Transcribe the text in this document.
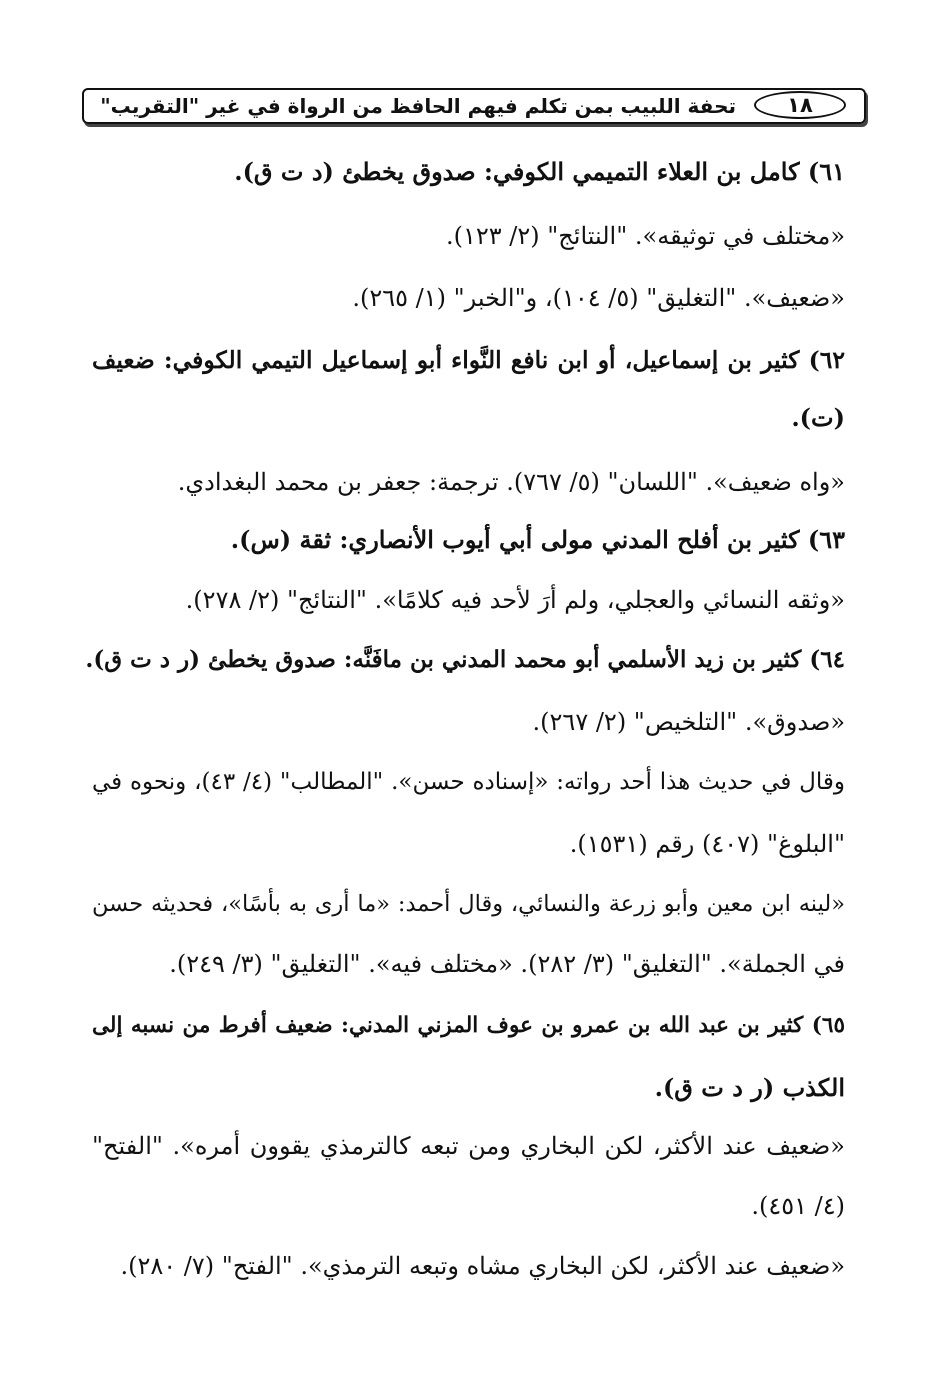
تحفة اللبيب بمن تكلم فيهم الحافظ من الرواة في غير "التقريب"	١٨
٦١) كامل بن العلاء التميمي الكوفي: صدوق يخطئ (د ت ق).
«مختلف في توثيقه». "النتائج" (٢/ ١٢٣).
«ضعيف». "التغليق" (٥/ ١٠٤)، و"الخبر" (١/ ٢٦٥).
٦٢) كثير بن إسماعيل، أو ابن نافع النَّواء أبو إسماعيل التيمي الكوفي: ضعيف
(ت).
«واه ضعيف». "اللسان" (٥/ ٧٦٧). ترجمة: جعفر بن محمد البغدادي.
٦٣) كثير بن أفلح المدني مولى أبي أيوب الأنصاري: ثقة (س).
«وثقه النسائي والعجلي، ولم أرَ لأحد فيه كلامًا». "النتائج" (٢/ ٢٧٨).
٦٤) كثير بن زيد الأسلمي أبو محمد المدني بن مافَنَّه: صدوق يخطئ (ر د ت ق).
«صدوق». "التلخيص" (٢/ ٢٦٧).
وقال في حديث هذا أحد رواته: «إسناده حسن». "المطالب" (٤/ ٤٣)، ونحوه في
"البلوغ" (٤٠٧) رقم (١٥٣١).
«لينه ابن معين وأبو زرعة والنسائي، وقال أحمد: «ما أرى به بأسًا»، فحديثه حسن
في الجملة». "التغليق" (٣/ ٢٨٢). «مختلف فيه». "التغليق" (٣/ ٢٤٩).
٦٥) كثير بن عبد الله بن عمرو بن عوف المزني المدني: ضعيف أفرط من نسبه إلى
الكذب (ر د ت ق).
«ضعيف عند الأكثر، لكن البخاري ومن تبعه كالترمذي يقوون أمره». "الفتح"
(٤/ ٤٥١).
«ضعيف عند الأكثر، لكن البخاري مشاه وتبعه الترمذي». "الفتح" (٧/ ٢٨٠).
